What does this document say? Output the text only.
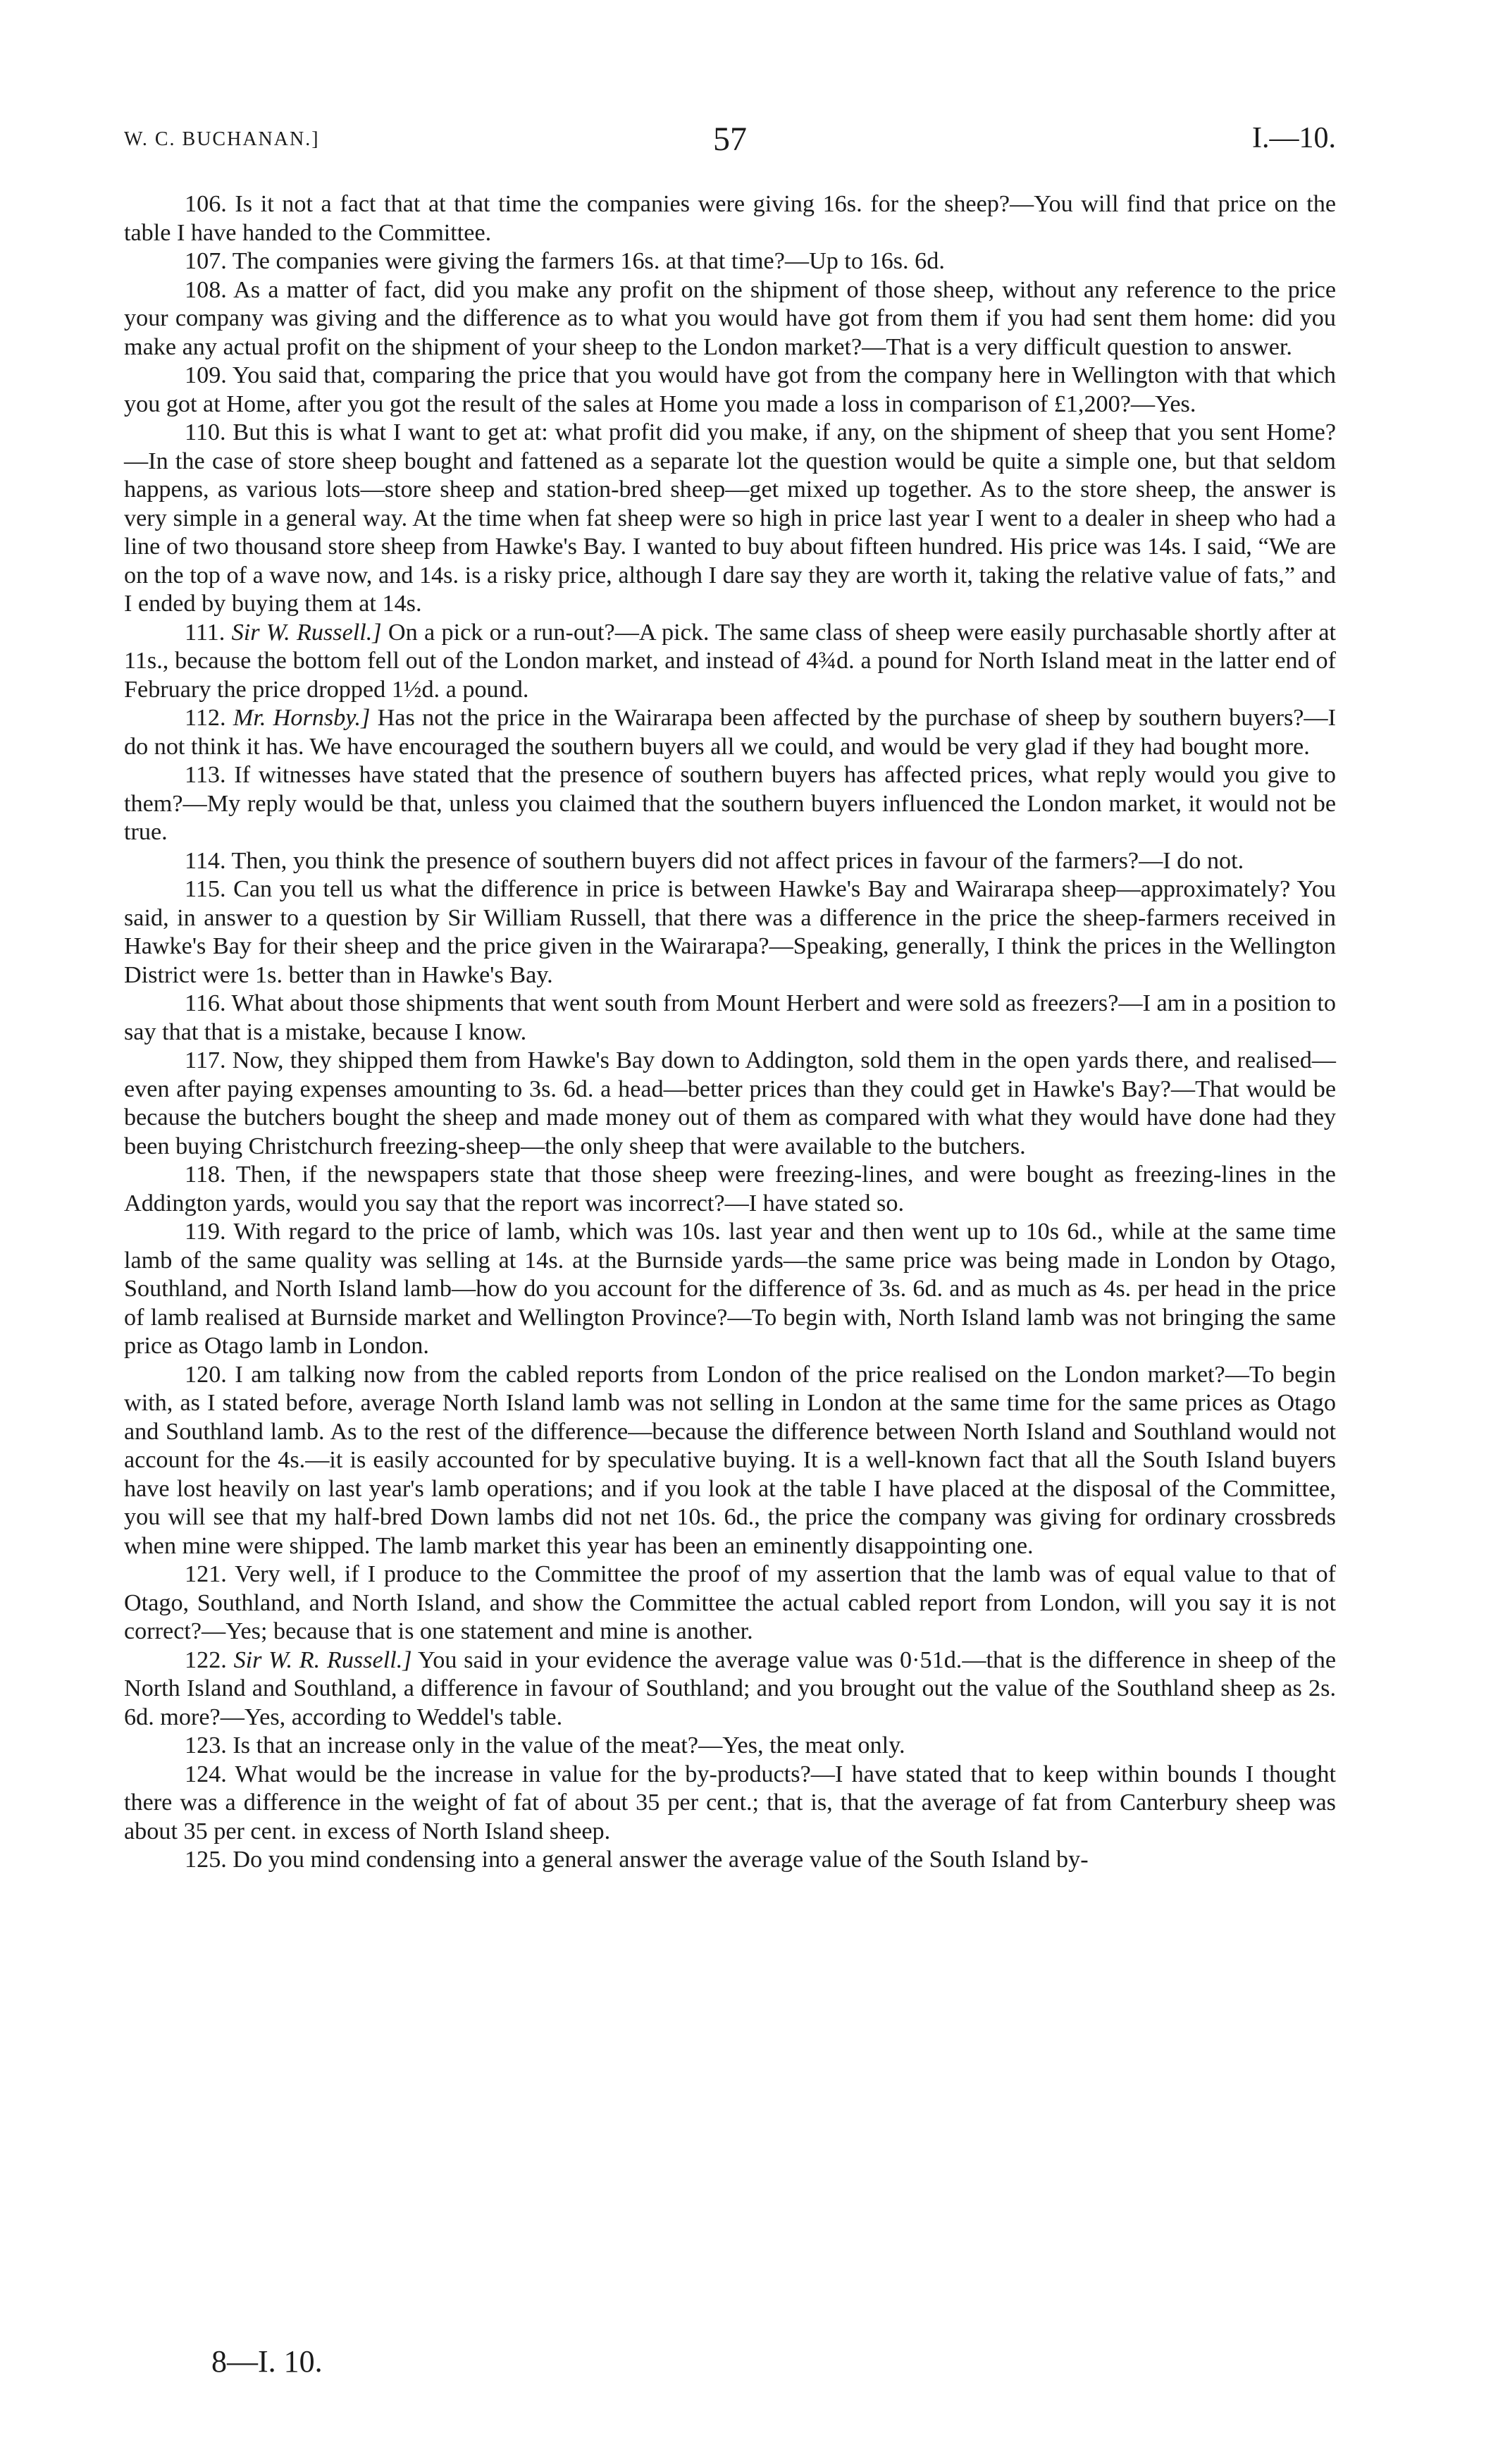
W. C. BUCHANAN.]	57	I.—10.

106. Is it not a fact that at that time the companies were giving 16s. for the sheep?—You will find that price on the table I have handed to the Committee.

107. The companies were giving the farmers 16s. at that time?—Up to 16s. 6d.

108. As a matter of fact, did you make any profit on the shipment of those sheep, without any reference to the price your company was giving and the difference as to what you would have got from them if you had sent them home: did you make any actual profit on the shipment of your sheep to the London market?—That is a very difficult question to answer.

109. You said that, comparing the price that you would have got from the company here in Wellington with that which you got at Home, after you got the result of the sales at Home you made a loss in comparison of £1,200?—Yes.

110. But this is what I want to get at: what profit did you make, if any, on the shipment of sheep that you sent Home?—In the case of store sheep bought and fattened as a separate lot the question would be quite a simple one, but that seldom happens, as various lots—store sheep and station-bred sheep—get mixed up together. As to the store sheep, the answer is very simple in a general way. At the time when fat sheep were so high in price last year I went to a dealer in sheep who had a line of two thousand store sheep from Hawke's Bay. I wanted to buy about fifteen hundred. His price was 14s. I said, “We are on the top of a wave now, and 14s. is a risky price, although I dare say they are worth it, taking the relative value of fats,” and I ended by buying them at 14s.

111. Sir W. Russell.] On a pick or a run-out?—A pick. The same class of sheep were easily purchasable shortly after at 11s., because the bottom fell out of the London market, and instead of 4¾d. a pound for North Island meat in the latter end of February the price dropped 1½d. a pound.

112. Mr. Hornsby.] Has not the price in the Wairarapa been affected by the purchase of sheep by southern buyers?—I do not think it has. We have encouraged the southern buyers all we could, and would be very glad if they had bought more.

113. If witnesses have stated that the presence of southern buyers has affected prices, what reply would you give to them?—My reply would be that, unless you claimed that the southern buyers influenced the London market, it would not be true.

114. Then, you think the presence of southern buyers did not affect prices in favour of the farmers?—I do not.

115. Can you tell us what the difference in price is between Hawke's Bay and Wairarapa sheep—approximately? You said, in answer to a question by Sir William Russell, that there was a difference in the price the sheep-farmers received in Hawke's Bay for their sheep and the price given in the Wairarapa?—Speaking, generally, I think the prices in the Wellington District were 1s. better than in Hawke's Bay.

116. What about those shipments that went south from Mount Herbert and were sold as freezers?—I am in a position to say that that is a mistake, because I know.

117. Now, they shipped them from Hawke's Bay down to Addington, sold them in the open yards there, and realised—even after paying expenses amounting to 3s. 6d. a head—better prices than they could get in Hawke's Bay?—That would be because the butchers bought the sheep and made money out of them as compared with what they would have done had they been buying Christchurch freezing-sheep—the only sheep that were available to the butchers.

118. Then, if the newspapers state that those sheep were freezing-lines, and were bought as freezing-lines in the Addington yards, would you say that the report was incorrect?—I have stated so.

119. With regard to the price of lamb, which was 10s. last year and then went up to 10s 6d., while at the same time lamb of the same quality was selling at 14s. at the Burnside yards—the same price was being made in London by Otago, Southland, and North Island lamb—how do you account for the difference of 3s. 6d. and as much as 4s. per head in the price of lamb realised at Burnside market and Wellington Province?—To begin with, North Island lamb was not bringing the same price as Otago lamb in London.

120. I am talking now from the cabled reports from London of the price realised on the London market?—To begin with, as I stated before, average North Island lamb was not selling in London at the same time for the same prices as Otago and Southland lamb. As to the rest of the difference—because the difference between North Island and Southland would not account for the 4s.—it is easily accounted for by speculative buying. It is a well-known fact that all the South Island buyers have lost heavily on last year's lamb operations; and if you look at the table I have placed at the disposal of the Committee, you will see that my half-bred Down lambs did not net 10s. 6d., the price the company was giving for ordinary crossbreds when mine were shipped. The lamb market this year has been an eminently disappointing one.

121. Very well, if I produce to the Committee the proof of my assertion that the lamb was of equal value to that of Otago, Southland, and North Island, and show the Committee the actual cabled report from London, will you say it is not correct?—Yes; because that is one statement and mine is another.

122. Sir W. R. Russell.] You said in your evidence the average value was 0·51d.—that is the difference in sheep of the North Island and Southland, a difference in favour of Southland; and you brought out the value of the Southland sheep as 2s. 6d. more?—Yes, according to Weddel's table.

123. Is that an increase only in the value of the meat?—Yes, the meat only.

124. What would be the increase in value for the by-products?—I have stated that to keep within bounds I thought there was a difference in the weight of fat of about 35 per cent.; that is, that the average of fat from Canterbury sheep was about 35 per cent. in excess of North Island sheep.

125. Do you mind condensing into a general answer the average value of the South Island by-

8—I. 10.
